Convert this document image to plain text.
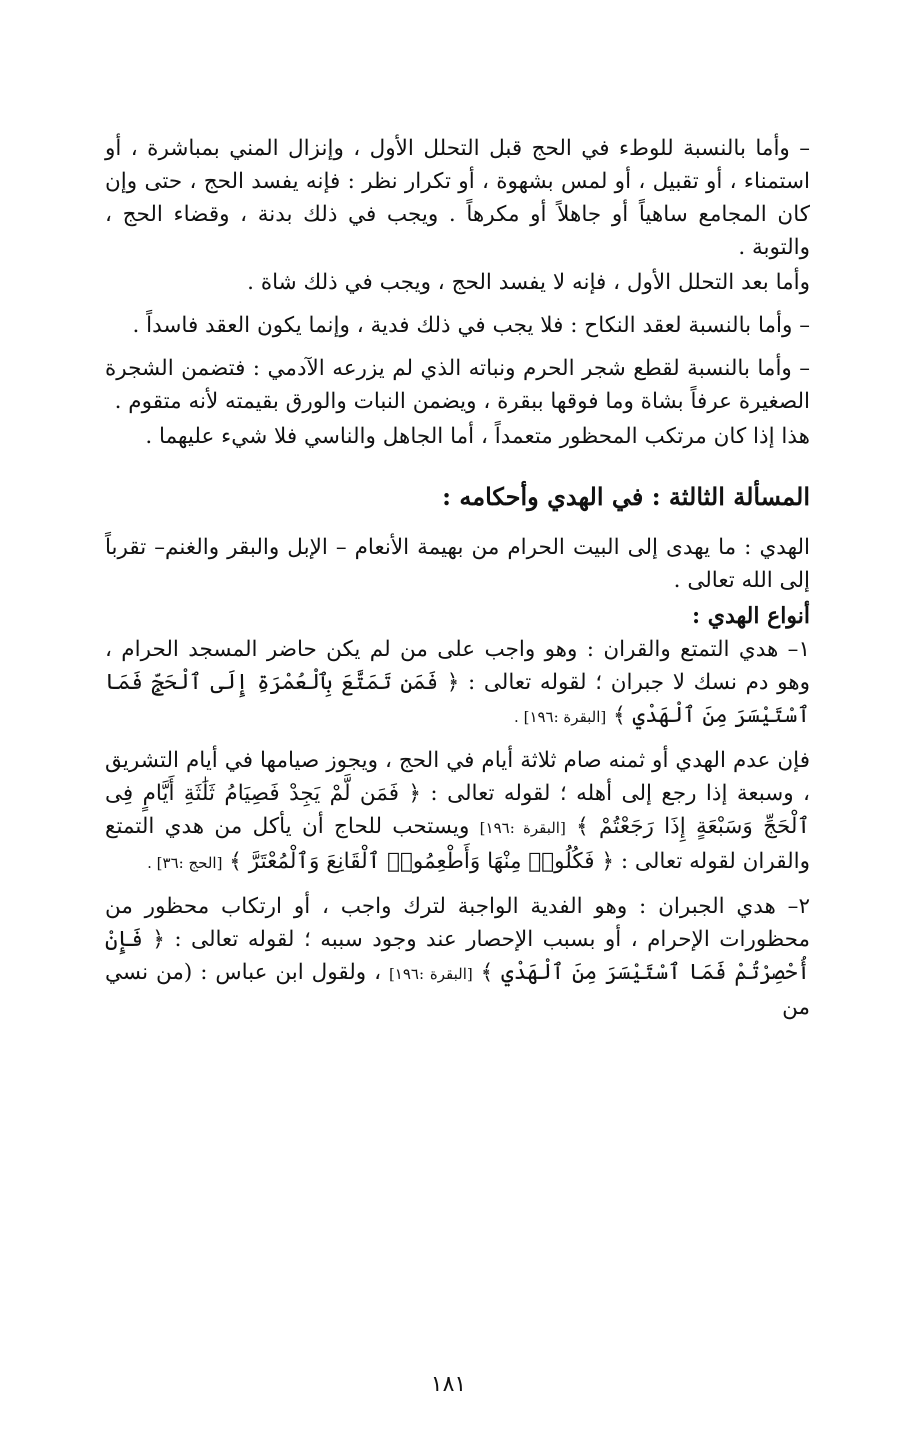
– وأما بالنسبة للوطء في الحج قبل التحلل الأول ، وإنزال المني بمباشرة ، أو استمناء ، أو تقبيل ، أو لمس بشهوة ، أو تكرار نظر : فإنه يفسد الحج ، حتى وإن كان المجامع ساهياً أو جاهلاً أو مكرهاً . ويجب في ذلك بدنة ، وقضاء الحج ، والتوبة .

وأما بعد التحلل الأول ، فإنه لا يفسد الحج ، ويجب في ذلك شاة .

– وأما بالنسبة لعقد النكاح : فلا يجب في ذلك فدية ، وإنما يكون العقد فاسداً .

– وأما بالنسبة لقطع شجر الحرم ونباته الذي لم يزرعه الآدمي : فتضمن الشجرة الصغيرة عرفاً بشاة وما فوقها ببقرة ، ويضمن النبات والورق بقيمته لأنه متقوم .

هذا إذا كان مرتكب المحظور متعمداً ، أما الجاهل والناسي فلا شيء عليهما .

المسألة الثالثة : في الهدي وأحكامه :

الهدي : ما يهدى إلى البيت الحرام من بهيمة الأنعام – الإبل والبقر والغنم– تقرباً إلى الله تعالى .

أنواع الهدي :

١– هدي التمتع والقران : وهو واجب على من لم يكن حاضر المسجد الحرام ، وهو دم نسك لا جبران ؛ لقوله تعالى : ﴿ فَمَن تَمَتَّعَ بِٱلْعُمْرَةِ إِلَى ٱلْحَجِّ فَمَا ٱسْتَيْسَرَ مِنَ ٱلْهَدْيِ ﴾ [البقرة :١٩٦] .

فإن عدم الهدي أو ثمنه صام ثلاثة أيام في الحج ، ويجوز صيامها في أيام التشريق ، وسبعة إذا رجع إلى أهله ؛ لقوله تعالى : ﴿ فَمَن لَّمْ يَجِدْ فَصِيَامُ ثَلَٰثَةِ أَيَّامٍ فِى ٱلْحَجِّ وَسَبْعَةٍ إِذَا رَجَعْتُمْ ﴾ [البقرة :١٩٦] ويستحب للحاج أن يأكل من هدي التمتع والقران لقوله تعالى : ﴿ فَكُلُوا۟ مِنْهَا وَأَطْعِمُوا۟ ٱلْقَانِعَ وَٱلْمُعْتَرَّ ﴾ [الحج :٣٦] .

٢– هدي الجبران : وهو الفدية الواجبة لترك واجب ، أو ارتكاب محظور من محظورات الإحرام ، أو بسبب الإحصار عند وجود سببه ؛ لقوله تعالى : ﴿ فَإِنْ أُحْصِرْتُمْ فَمَا ٱسْتَيْسَرَ مِنَ ٱلْهَدْيِ ﴾ [البقرة :١٩٦] ، ولقول ابن عباس : (من نسي من

١٨١
